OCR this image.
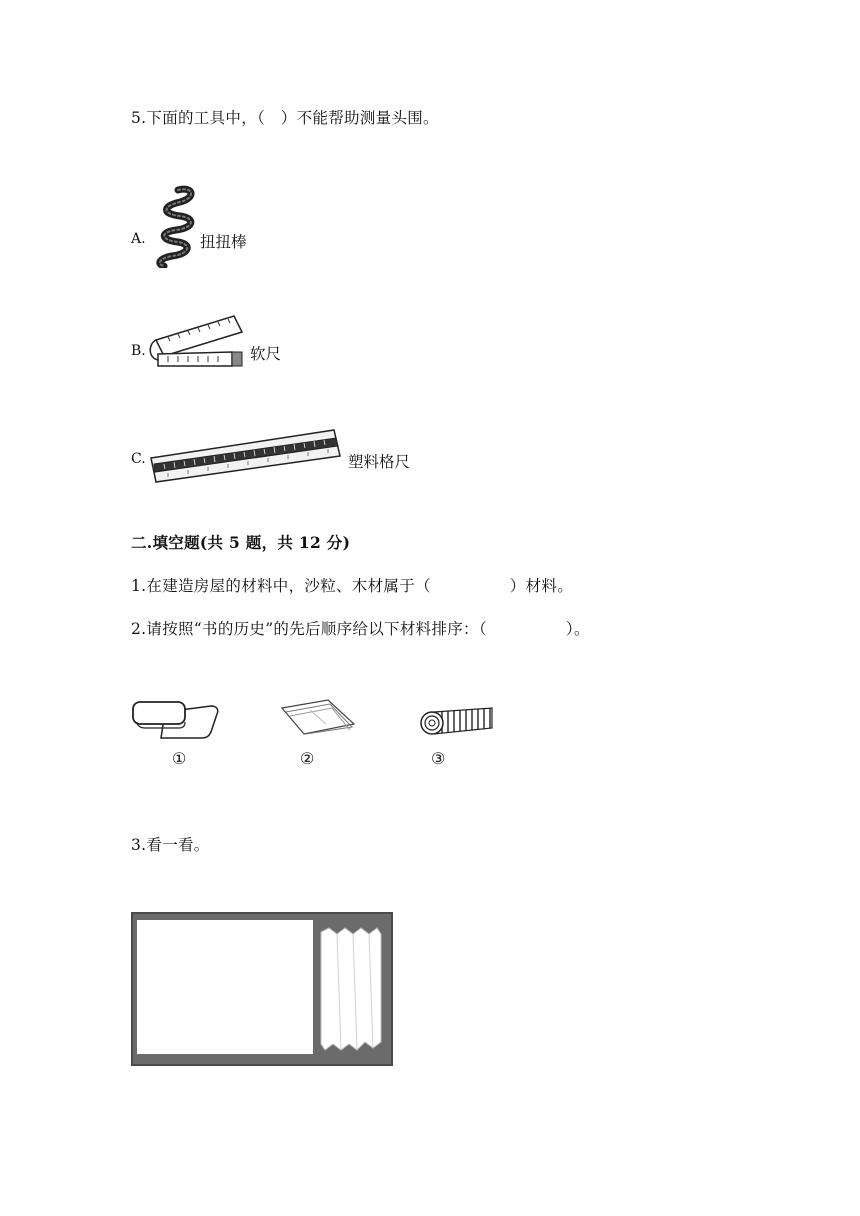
5.下面的工具中，（　）不能帮助测量头围。
A.	扭扭棒
B.	软尺
C.	塑料格尺
二.填空题(共 5 题，共 12 分)
1.在建造房屋的材料中，沙粒、木材属于（　　　　　）材料。
2.请按照“书的历史”的先后顺序给以下材料排序：（　　　　　）。
①	②	③
3.看一看。
